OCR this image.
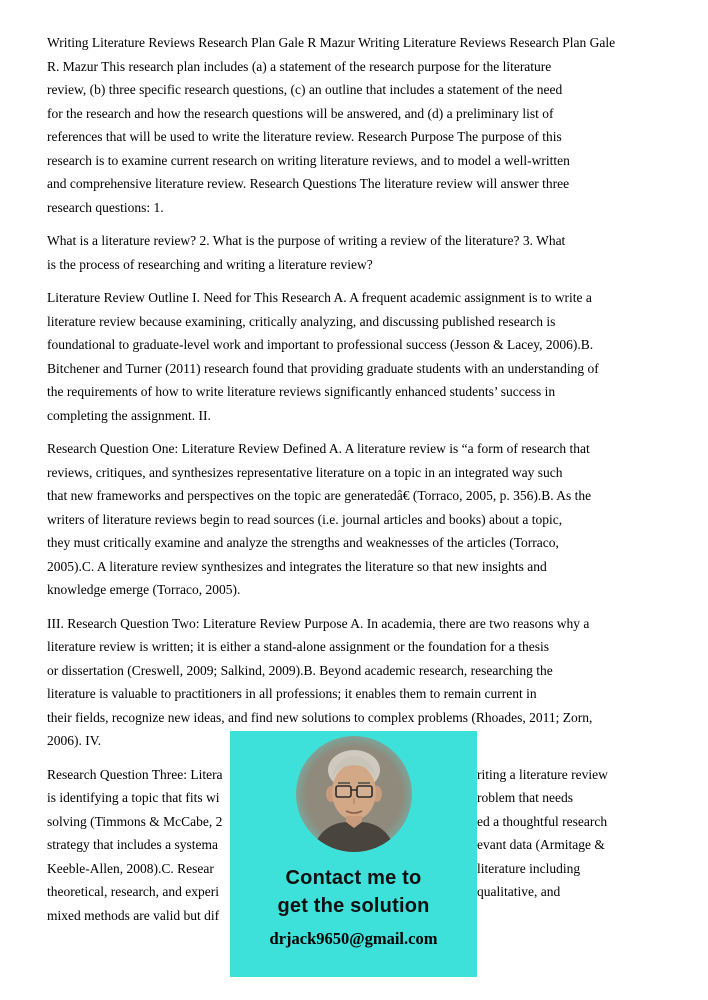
Writing Literature Reviews Research Plan Gale R Mazur Writing Literature Reviews Research Plan Gale
R. Mazur This research plan includes (a) a statement of the research purpose for the literature
review, (b) three specific research questions, (c) an outline that includes a statement of the need
for the research and how the research questions will be answered, and (d) a preliminary list of
references that will be used to write the literature review. Research Purpose The purpose of this
research is to examine current research on writing literature reviews, and to model a well-written
and comprehensive literature review. Research Questions The literature review will answer three
research questions: 1.

What is a literature review? 2. What is the purpose of writing a review of the literature? 3. What
is the process of researching and writing a literature review?

Literature Review Outline I. Need for This Research A. A frequent academic assignment is to write a
literature review because examining, critically analyzing, and discussing published research is
foundational to graduate-level work and important to professional success (Jesson & Lacey, 2006).B.
Bitchener and Turner (2011) research found that providing graduate students with an understanding of
the requirements of how to write literature reviews significantly enhanced students’ success in
completing the assignment. II.

Research Question One: Literature Review Defined A. A literature review is “a form of research that
reviews, critiques, and synthesizes representative literature on a topic in an integrated way such
that new frameworks and perspectives on the topic are generatedâ€ (Torraco, 2005, p. 356).B. As the
writers of literature reviews begin to read sources (i.e. journal articles and books) about a topic,
they must critically examine and analyze the strengths and weaknesses of the articles (Torraco,
2005).C. A literature review synthesizes and integrates the literature so that new insights and
knowledge emerge (Torraco, 2005).

III. Research Question Two: Literature Review Purpose A. In academia, there are two reasons why a
literature review is written; it is either a stand-alone assignment or the foundation for a thesis
or dissertation (Creswell, 2009; Salkind, 2009).B. Beyond academic research, researching the
literature is valuable to practitioners in all professions; it enables them to remain current in
their fields, recognize new ideas, and find new solutions to complex problems (Rhoades, 2011; Zorn,
2006). IV.

Research Question Three: Litera	riting a literature review
is identifying a topic that fits wi	roblem that needs
solving (Timmons & McCabe, 2	ed a thoughtful research
strategy that includes a systema	evant data (Armitage &
Keeble-Allen, 2008).C. Resear	literature including
theoretical, research, and experi	qualitative, and
mixed methods are valid but dif

Contact me to
get the solution
drjack9650@gmail.com
